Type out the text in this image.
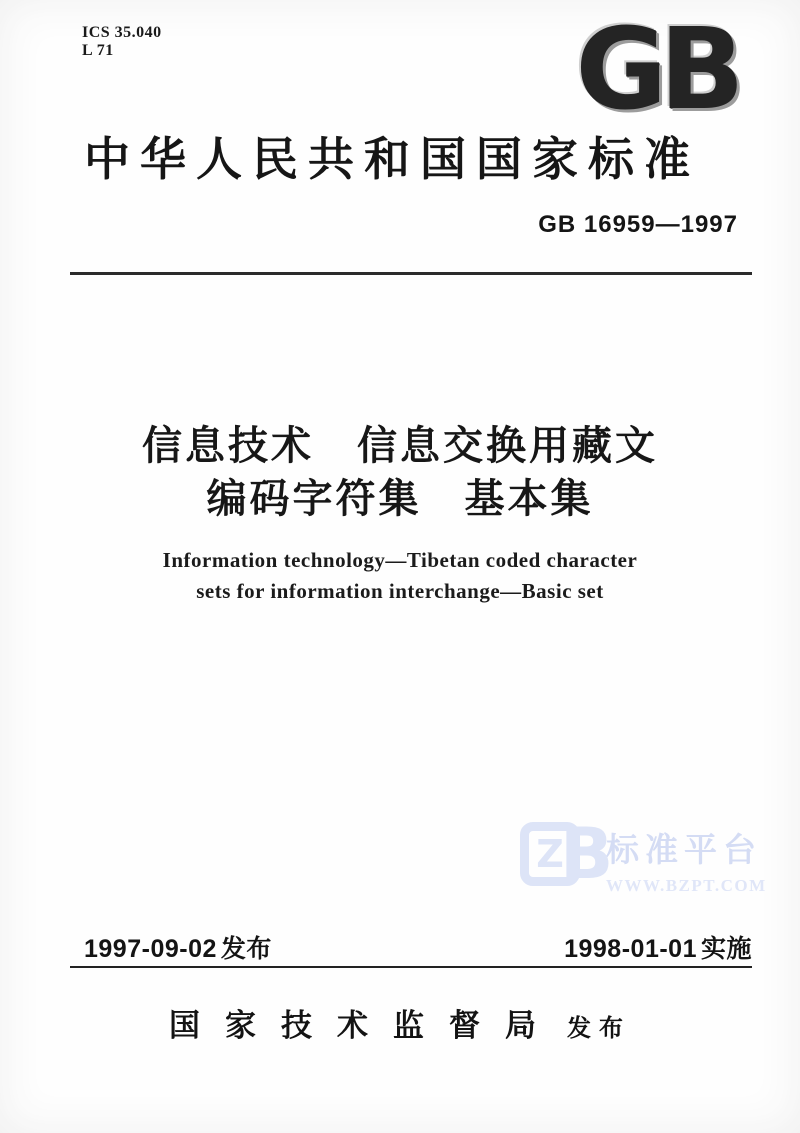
ICS 35.040
L 71	GB
中华人民共和国国家标准
GB 16959—1997
信息技术　信息交换用藏文
编码字符集　基本集
Information technology—Tibetan coded character
sets for information interchange—Basic set
Z
B
标准平台
WWW.BZPT.COM
1997-09-02 发布	1998-01-01 实施
国家技术监督局 发布
